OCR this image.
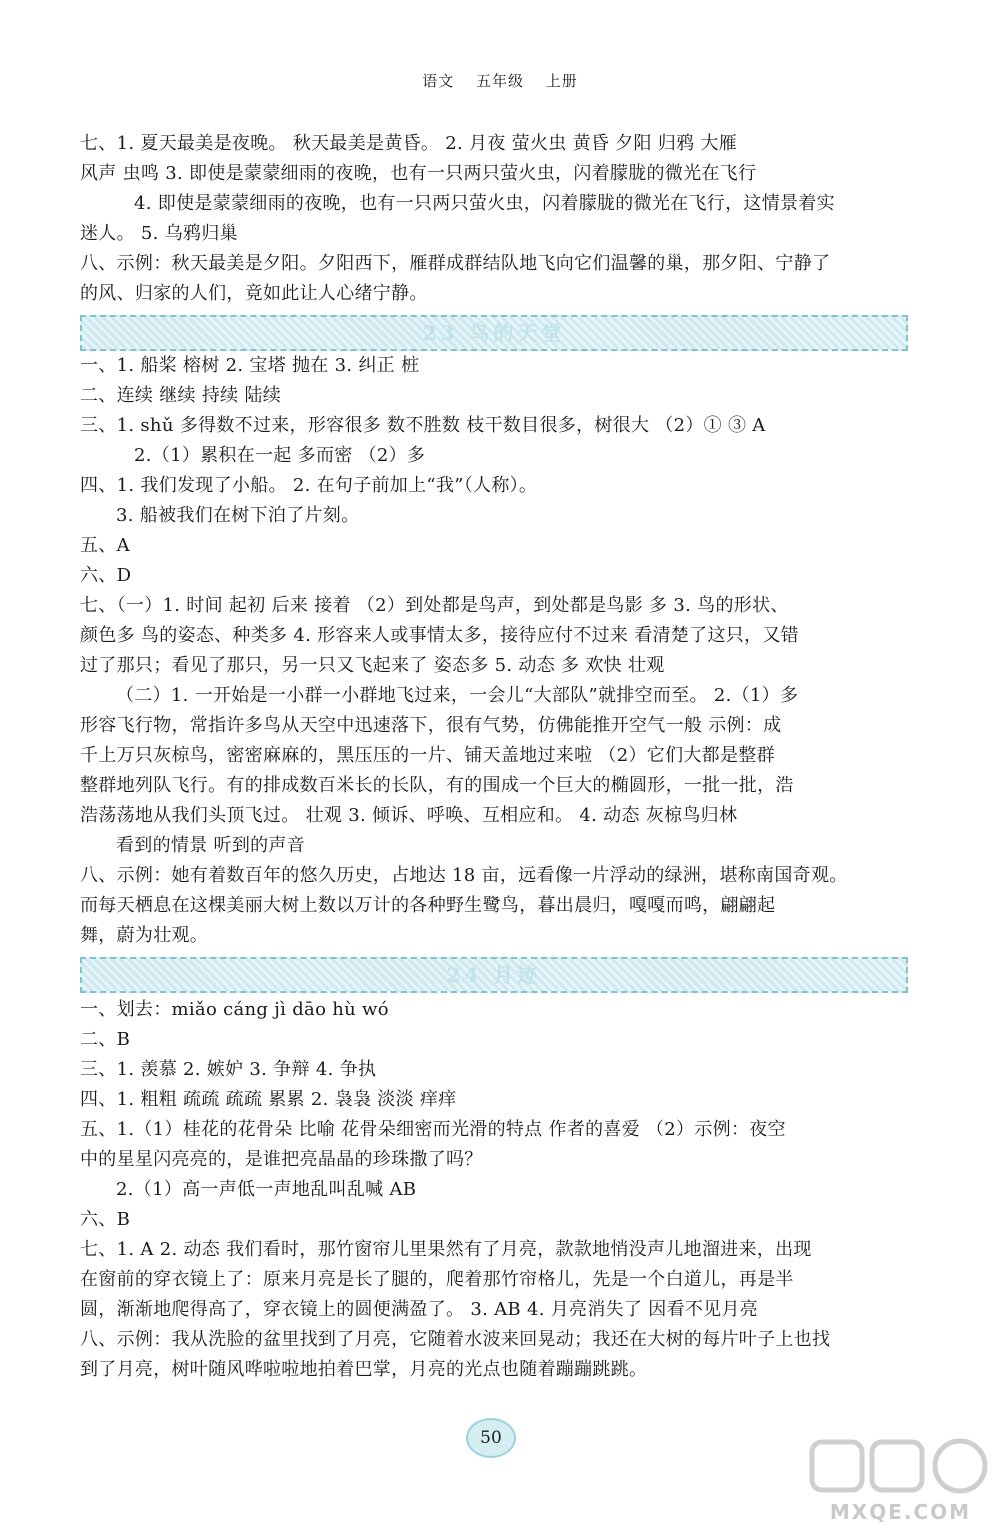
语文 五年级 上册
七、1. 夏天最美是夜晚。 秋天最美是黄昏。 2. 月夜 萤火虫 黄昏 夕阳 归鸦 大雁
风声 虫鸣 3. 即使是蒙蒙细雨的夜晚，也有一只两只萤火虫，闪着朦胧的微光在飞行
4. 即使是蒙蒙细雨的夜晚，也有一只两只萤火虫，闪着朦胧的微光在飞行，这情景着实
迷人。 5. 乌鸦归巢
八、示例：秋天最美是夕阳。夕阳西下，雁群成群结队地飞向它们温馨的巢，那夕阳、宁静了
的风、归家的人们，竟如此让人心绪宁静。
23 鸟的天堂
一、1. 船桨 榕树 2. 宝塔 抛在 3. 纠正 桩
二、连续 继续 持续 陆续
三、1. shǔ 多得数不过来，形容很多 数不胜数 枝干数目很多，树很大 （2）① ③ A
2.（1）累积在一起 多而密 （2）多
四、1. 我们发现了小船。 2. 在句子前加上“我”（人称）。
3. 船被我们在树下泊了片刻。
五、A
六、D
七、（一）1. 时间 起初 后来 接着 （2）到处都是鸟声，到处都是鸟影 多 3. 鸟的形状、
颜色多 鸟的姿态、种类多 4. 形容来人或事情太多，接待应付不过来 看清楚了这只，又错
过了那只；看见了那只，另一只又飞起来了 姿态多 5. 动态 多 欢快 壮观
（二）1. 一开始是一小群一小群地飞过来，一会儿“大部队”就排空而至。 2.（1）多
形容飞行物，常指许多鸟从天空中迅速落下，很有气势，仿佛能推开空气一般 示例：成
千上万只灰椋鸟，密密麻麻的，黑压压的一片、铺天盖地过来啦 （2）它们大都是整群
整群地列队飞行。有的排成数百米长的长队，有的围成一个巨大的椭圆形，一批一批，浩
浩荡荡地从我们头顶飞过。 壮观 3. 倾诉、呼唤、互相应和。 4. 动态 灰椋鸟归林
看到的情景 听到的声音
八、示例：她有着数百年的悠久历史，占地达 18 亩，远看像一片浮动的绿洲，堪称南国奇观。
而每天栖息在这棵美丽大树上数以万计的各种野生鹭鸟，暮出晨归，嘎嘎而鸣，翩翩起
舞，蔚为壮观。
24 月迹
一、划去：miǎo cáng jì dāo hù wó
二、B
三、1. 羡慕 2. 嫉妒 3. 争辩 4. 争执
四、1. 粗粗 疏疏 疏疏 累累 2. 袅袅 淡淡 痒痒
五、1.（1）桂花的花骨朵 比喻 花骨朵细密而光滑的特点 作者的喜爱 （2）示例：夜空
中的星星闪亮亮的，是谁把亮晶晶的珍珠撒了吗？
2.（1）高一声低一声地乱叫乱喊 AB
六、B
七、1. A 2. 动态 我们看时，那竹窗帘儿里果然有了月亮，款款地悄没声儿地溜进来，出现
在窗前的穿衣镜上了：原来月亮是长了腿的，爬着那竹帘格儿，先是一个白道儿，再是半
圆，渐渐地爬得高了，穿衣镜上的圆便满盈了。 3. AB 4. 月亮消失了 因看不见月亮
八、示例：我从洗脸的盆里找到了月亮，它随着水波来回晃动；我还在大树的每片叶子上也找
到了月亮，树叶随风哗啦啦地拍着巴掌，月亮的光点也随着蹦蹦跳跳。
50
MXQE.COM
